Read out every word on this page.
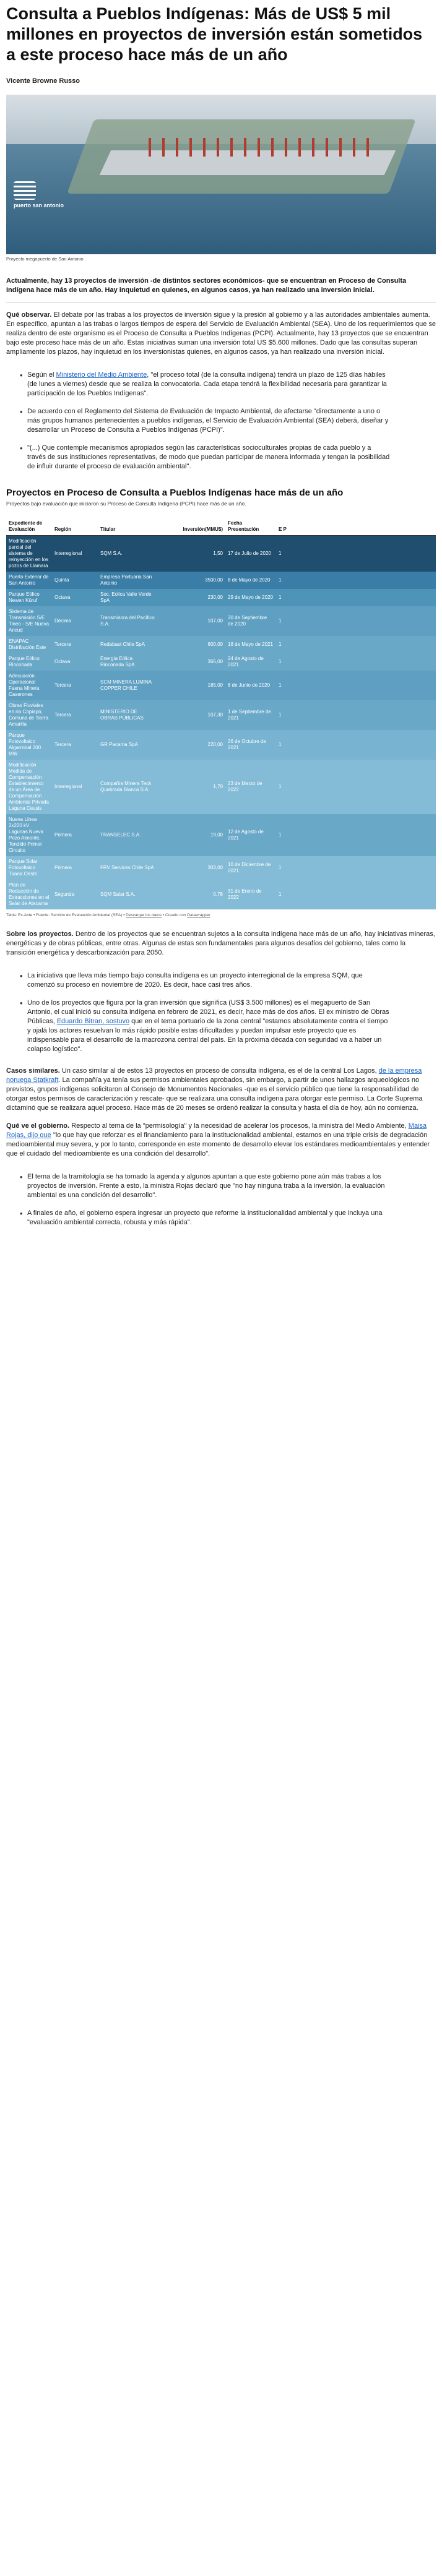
Consulta a Pueblos Indígenas: Más de US$ 5 mil millones en proyectos de inversión están sometidos a este proceso hace más de un año
Vicente Browne Russo
puerto san antonio
Proyecto megapuerto de San Antonio

Actualmente, hay 13 proyectos de inversión -de distintos sectores económicos- que se encuentran en Proceso de Consulta Indígena hace más de un año. Hay inquietud en quienes, en algunos casos, ya han realizado una inversión inicial.

Qué observar. El debate por las trabas a los proyectos de inversión sigue y la presión al gobierno y a las autoridades ambientales aumenta. En específico, apuntan a las trabas o largos tiempos de espera del Servicio de Evaluación Ambiental (SEA). Uno de los requerimientos que se realiza dentro de este organismo es el Proceso de Consulta a Pueblos Indígenas (PCPI). Actualmente, hay 13 proyectos que se encuentran bajo este proceso hace más de un año. Estas iniciativas suman una inversión total US $5.600 millones. Dado que las consultas superan ampliamente los plazos, hay inquietud en los inversionistas quienes, en algunos casos, ya han realizado una inversión inicial.

• Según el Ministerio del Medio Ambiente, "el proceso total (de la consulta indígena) tendrá un plazo de 125 días hábiles (de lunes a viernes) desde que se realiza la convocatoria. Cada etapa tendrá la flexibilidad necesaria para garantizar la participación de los Pueblos Indígenas".
• De acuerdo con el Reglamento del Sistema de Evaluación de Impacto Ambiental, de afectarse "directamente a uno o más grupos humanos pertenecientes a pueblos indígenas, el Servicio de Evaluación Ambiental (SEA) deberá, diseñar y desarrollar un Proceso de Consulta a Pueblos Indígenas (PCPI)".
• "(...) Que contemple mecanismos apropiados según las características socioculturales propias de cada pueblo y a través de sus instituciones representativas, de modo que puedan participar de manera informada y tengan la posibilidad de influir durante el proceso de evaluación ambiental".
Proyectos en Proceso de Consulta a Pueblos Indígenas hace más de un año
Proyectos bajo evaluación que iniciaron su Proceso de Consulta Indígena (PCPI) hace más de un año.
Expediente de Evaluación	Región	Titular	Inversión(MMU$)	Fecha Presentación	E P
Modificación parcial del sistema de reinyección en los pozos de Llamara	Interregional	SQM S.A.	1,50	17 de Julio de 2020	1
Puerto Exterior de San Antonio	Quinta	Empresa Portuaria San Antonio	3500,00	8 de Mayo de 2020	1
Parque Eólico Newen Küruf	Octava	Soc. Eolica Valle Verde SpA	230,00	29 de Mayo de 2020	1
Sistema de Transmisión S/E Tineo - S/E Nueva Ancud	Décima	Transmisora del Pacífico S.A.	107,00	30 de Septiembre de 2020	1
ENAPAC Distribución Este	Tercera	Redabast Chile SpA	600,00	18 de Mayo de 2021	1
Parque Eólico Rinconada	Octava	Energía Eólica Rinconada SpA	365,00	24 de Agosto de 2021	1
Adecuación Operacional Faena Minera Caserones	Tercera	SCM MINERA LUMINA COPPER CHILE	185,00	8 de Junio de 2020	1
Obras Fluviales en río Copiapó, Comuna de Tierra Amarilla	Tercera	MINISTERIO DE OBRAS PÚBLICAS	107,30	1 de Septiembre de 2021	1
Parque Fotovoltaico Algarrobal 200 MW	Tercera	GR Pacama SpA	220,00	26 de Octubre de 2021	1
Modificación Medida de Compensación Establecimiento de un Área de Compensación Ambiental Privada Laguna Ceusis	Interregional	Compañía Minera Teck Quebrada Blanca S.A.	1,70	23 de Marzo de 2022	1
Nueva Línea 2x220 kV Lagunas Nueva Pozo Almonte, Tendido Primer Circuito	Primera	TRANSELEC S.A.	19,00	12 de Agosto de 2021	1
Parque Solar Fotovoltaico Tirana Oeste	Primera	FRV Services Chile SpA	303,00	10 de Diciembre de 2021	1
Plan de Reducción de Extracciones en el Salar de Atacama	Segunda	SQM Salar S.A.	0,78	31 de Enero de 2022	1
Tabla: Ex-Ante • Fuente: Servicio de Evaluación Ambiental (SEA) • Descargar los datos • Creado con Datawrapper

Sobre los proyectos. Dentro de los proyectos que se encuentran sujetos a la consulta indígena hace más de un año, hay iniciativas mineras, energéticas y de obras públicas, entre otras. Algunas de estas son fundamentales para algunos desafíos del gobierno, tales como la transición energética y descarbonización para 2050.

• La iniciativa que lleva más tiempo bajo consulta indígena es un proyecto interregional de la empresa SQM, que comenzó su proceso en noviembre de 2020. Es decir, hace casi tres años.
• Uno de los proyectos que figura por la gran inversión que significa (US$ 3.500 millones) es el megapuerto de San Antonio, el cual inició su consulta indígena en febrero de 2021, es decir, hace más de dos años. El ex ministro de Obras Públicas, Eduardo Bitran, sostuvo que en el tema portuario de la zona central "estamos absolutamente contra el tiempo y ojalá los actores resuelvan lo más rápido posible estas dificultades y puedan impulsar este proyecto que es indispensable para el desarrollo de la macrozona central del país. En la próxima década con seguridad va a haber un colapso logístico".

Casos similares. Un caso similar al de estos 13 proyectos en proceso de consulta indígena, es el de la central Los Lagos, de la empresa noruega Statkraft. La compañía ya tenía sus permisos ambientales aprobados, sin embargo, a partir de unos hallazgos arqueológicos no previstos, grupos indígenas solicitaron al Consejo de Monumentos Nacionales -que es el servicio público que tiene la responsabilidad de otorgar estos permisos de caracterización y rescate- que se realizara una consulta indígena para otorgar este permiso. La Corte Suprema dictaminó que se realizara aquel proceso. Hace más de 20 meses se ordenó realizar la consulta y hasta el día de hoy, aún no comienza.

Qué ve el gobierno. Respecto al tema de la "permisología" y la necesidad de acelerar los procesos, la ministra del Medio Ambiente, Maisa Rojas, dijo que "lo que hay que reforzar es el financiamiento para la institucionalidad ambiental, estamos en una triple crisis de degradación medioambiental muy severa, y por lo tanto, corresponde en este momento de desarrollo elevar los estándares medioambientales y entender que el cuidado del medioambiente es una condición del desarrollo".

• El tema de la tramitología se ha tomado la agenda y algunos apuntan a que este gobierno pone aún más trabas a los proyectos de inversión. Frente a esto, la ministra Rojas declaró que "no hay ninguna traba a la inversión, la evaluación ambiental es una condición del desarrollo".
• A finales de año, el gobierno espera ingresar un proyecto que reforme la institucionalidad ambiental y que incluya una "evaluación ambiental correcta, robusta y más rápida".
